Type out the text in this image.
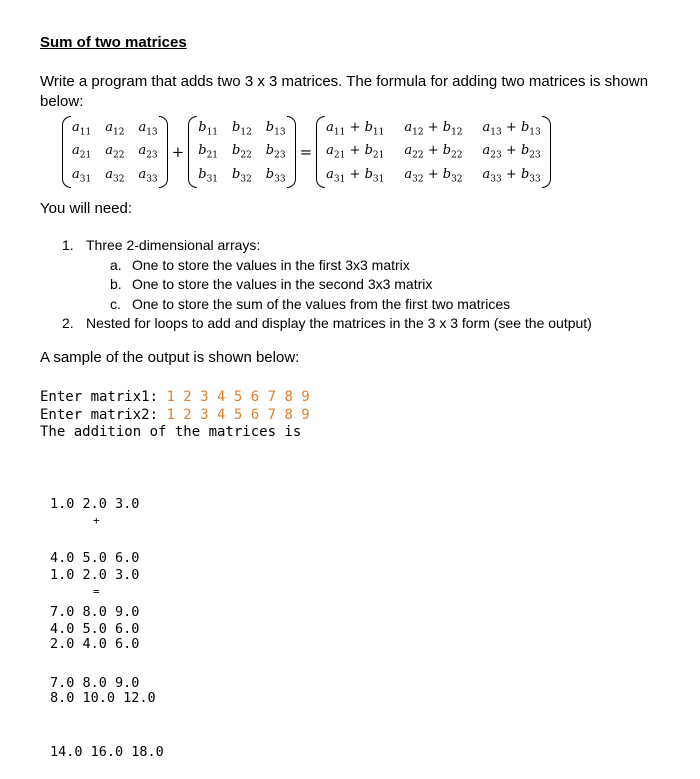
Sum of two matrices
Write a program that adds two 3 x 3 matrices. The formula for adding two matrices is shown below:
$a_{11}$ $a_{12}$ $a_{13}$
$a_{21}$ $a_{22}$ $a_{23}$
$a_{31}$ $a_{32}$ $a_{33}$
+
$b_{11}$ $b_{12}$ $b_{13}$
$b_{21}$ $b_{22}$ $b_{23}$
$b_{31}$ $b_{32}$ $b_{33}$
=
$a_{11} + b_{11}$ $a_{12} + b_{12}$ $a_{13} + b_{13}$
$a_{21} + b_{21}$ $a_{22} + b_{22}$ $a_{23} + b_{23}$
$a_{31} + b_{31}$ $a_{32} + b_{32}$ $a_{33} + b_{33}$
You will need:
1. Three 2-dimensional arrays:
a. One to store the values in the first 3x3 matrix
b. One to store the values in the second 3x3 matrix
c. One to store the sum of the values from the first two matrices
2. Nested for loops to add and display the matrices in the 3 x 3 form (see the output)
A sample of the output is shown below:
Enter matrix1: 1 2 3 4 5 6 7 8 9
Enter matrix2: 1 2 3 4 5 6 7 8 9
The addition of the matrices is

1.0 2.0 3.0

4.0 5.0 6.0

7.0 8.0 9.0

+

1.0 2.0 3.0

4.0 5.0 6.0

7.0 8.0 9.0

=

2.0 4.0 6.0

8.0 10.0 12.0

14.0 16.0 18.0
